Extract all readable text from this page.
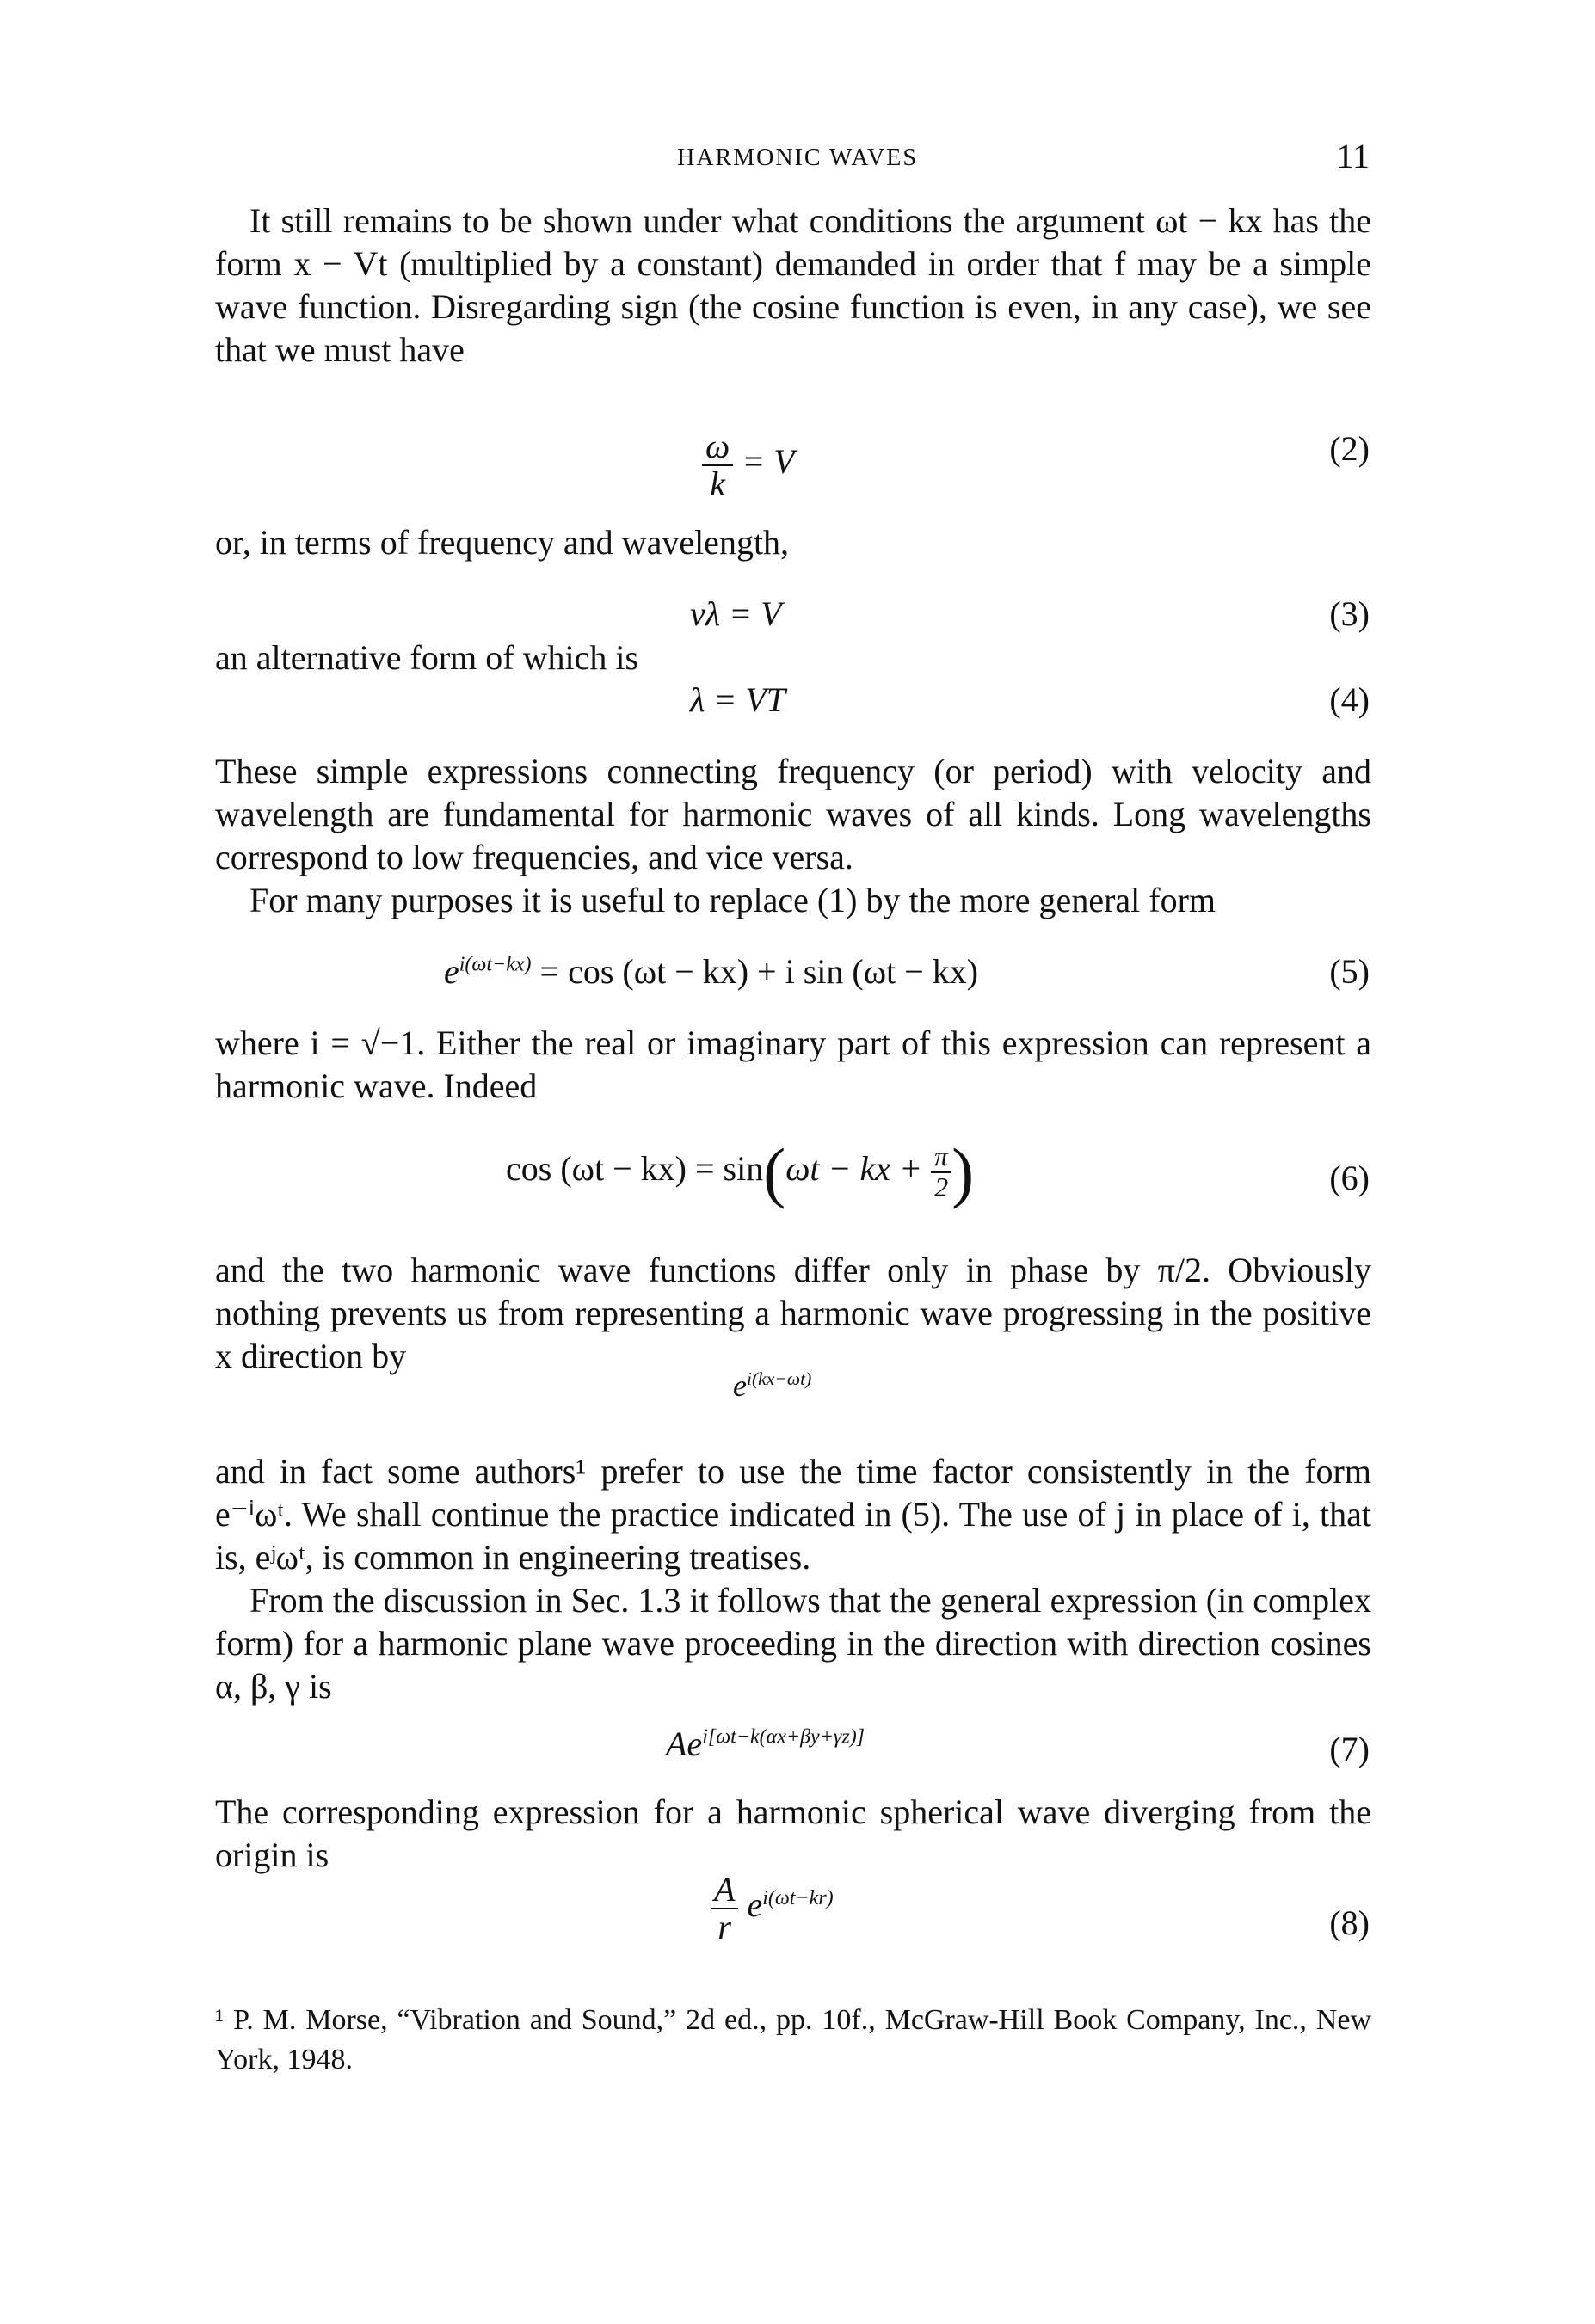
HARMONIC WAVES	11
It still remains to be shown under what conditions the argument ωt − kx has the form x − Vt (multiplied by a constant) demanded in order that f may be a simple wave function. Disregarding sign (the cosine function is even, in any case), we see that we must have
$\frac{\omega}{k} = V$	(2)
or, in terms of frequency and wavelength,
νλ = V	(3)
an alternative form of which is
λ = VT	(4)
These simple expressions connecting frequency (or period) with velocity and wavelength are fundamental for harmonic waves of all kinds. Long wavelengths correspond to low frequencies, and vice versa.
For many purposes it is useful to replace (1) by the more general form
$e^{i(\omega t-kx)} = \cos (\omega t - kx) + i$ sin (ωt − kx)	(5)
where i = √−1. Either the real or imaginary part of this expression can represent a harmonic wave. Indeed
cos (ωt − kx) = sin(ωt − kx + $\frac{\pi}{2}$ )	(6)
and the two harmonic wave functions differ only in phase by π/2. Obviously nothing prevents us from representing a harmonic wave progressing in the positive x direction by
$e^{i(kx-\omega t)}$
and in fact some authors¹ prefer to use the time factor consistently in the form e⁻ⁱωᵗ. We shall continue the practice indicated in (5). The use of j in place of i, that is, eʲωᵗ, is common in engineering treatises.
From the discussion in Sec. 1.3 it follows that the general expression (in complex form) for a harmonic plane wave proceeding in the direction with direction cosines α, β, γ is
$Ae^{i[\omega t-k(\alpha x+\beta y+\gamma z)]}$	(7)
The corresponding expression for a harmonic spherical wave diverging from the origin is
$\frac{A}{r} e^{i(\omega t-kr)}$
(8)
¹ P. M. Morse, “Vibration and Sound,” 2d ed., pp. 10f., McGraw-Hill Book Company, Inc., New York, 1948.
